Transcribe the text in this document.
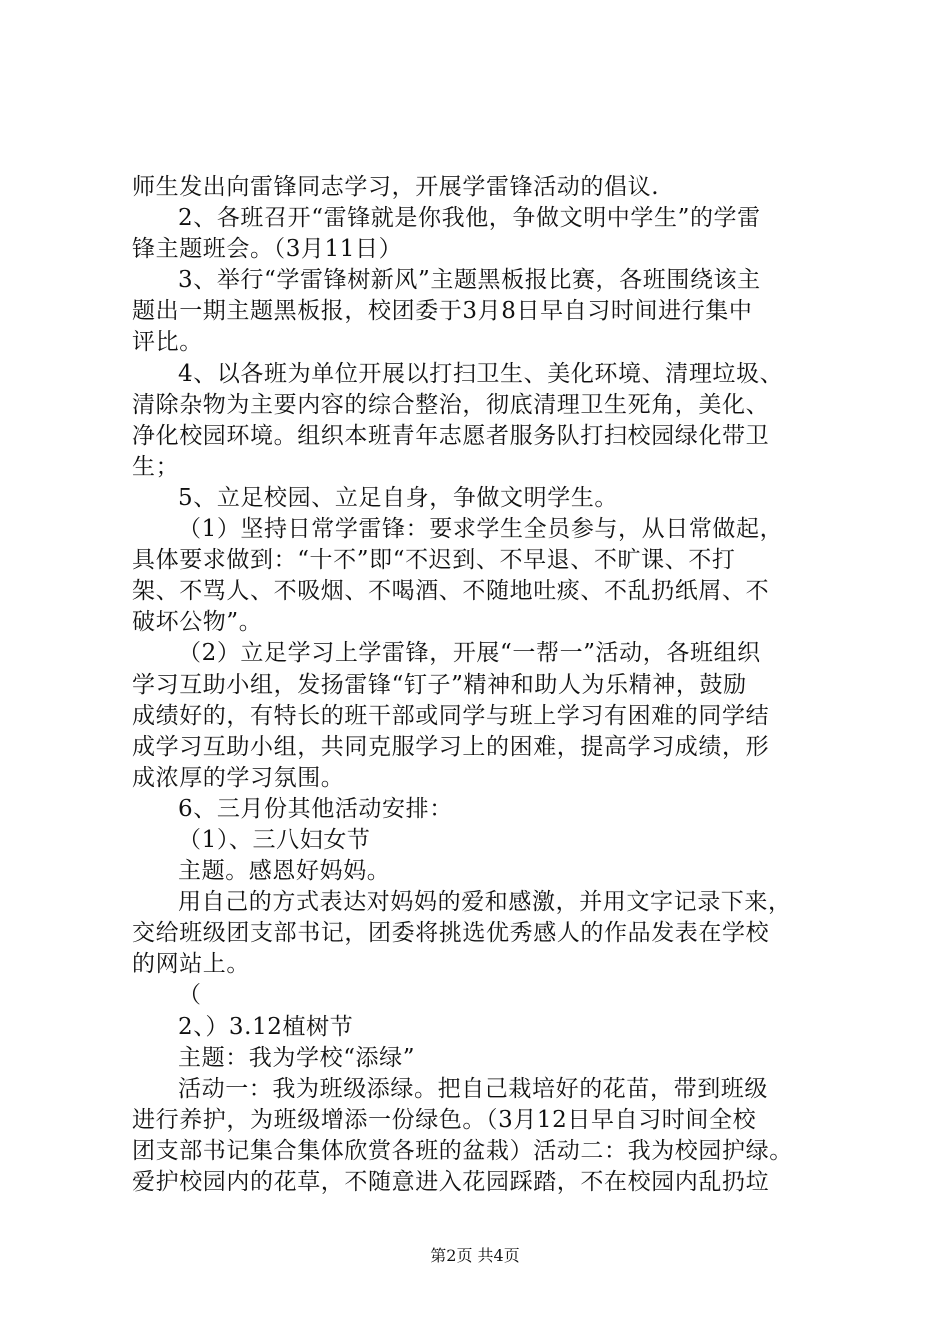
师生发出向雷锋同志学习，开展学雷锋活动的倡议.
2、各班召开“雷锋就是你我他，争做文明中学生”的学雷
锋主题班会。（3月11日）
3、举行“学雷锋树新风”主题黑板报比赛，各班围绕该主
题出一期主题黑板报，校团委于3月8日早自习时间进行集中
评比。
4、以各班为单位开展以打扫卫生、美化环境、清理垃圾、
清除杂物为主要内容的综合整治，彻底清理卫生死角，美化、
净化校园环境。组织本班青年志愿者服务队打扫校园绿化带卫
生；
5、立足校园、立足自身，争做文明学生。
（1）坚持日常学雷锋：要求学生全员参与，从日常做起，
具体要求做到：“十不”即“不迟到、不早退、不旷课、不打
架、不骂人、不吸烟、不喝酒、不随地吐痰、不乱扔纸屑、不
破坏公物”。
（2）立足学习上学雷锋，开展“一帮一”活动，各班组织
学习互助小组，发扬雷锋“钉子”精神和助人为乐精神，鼓励
成绩好的，有特长的班干部或同学与班上学习有困难的同学结
成学习互助小组，共同克服学习上的困难，提高学习成绩，形
成浓厚的学习氛围。
6、三月份其他活动安排：
（1）、三八妇女节
主题。感恩好妈妈。
用自己的方式表达对妈妈的爱和感激，并用文字记录下来，
交给班级团支部书记，团委将挑选优秀感人的作品发表在学校
的网站上。
（
2、）3.12植树节
主题：我为学校“添绿”
活动一：我为班级添绿。把自己栽培好的花苗，带到班级
进行养护，为班级增添一份绿色。（3月12日早自习时间全校
团支部书记集合集体欣赏各班的盆栽）活动二：我为校园护绿。
爱护校园内的花草，不随意进入花园踩踏，不在校园内乱扔垃
第2页 共4页
